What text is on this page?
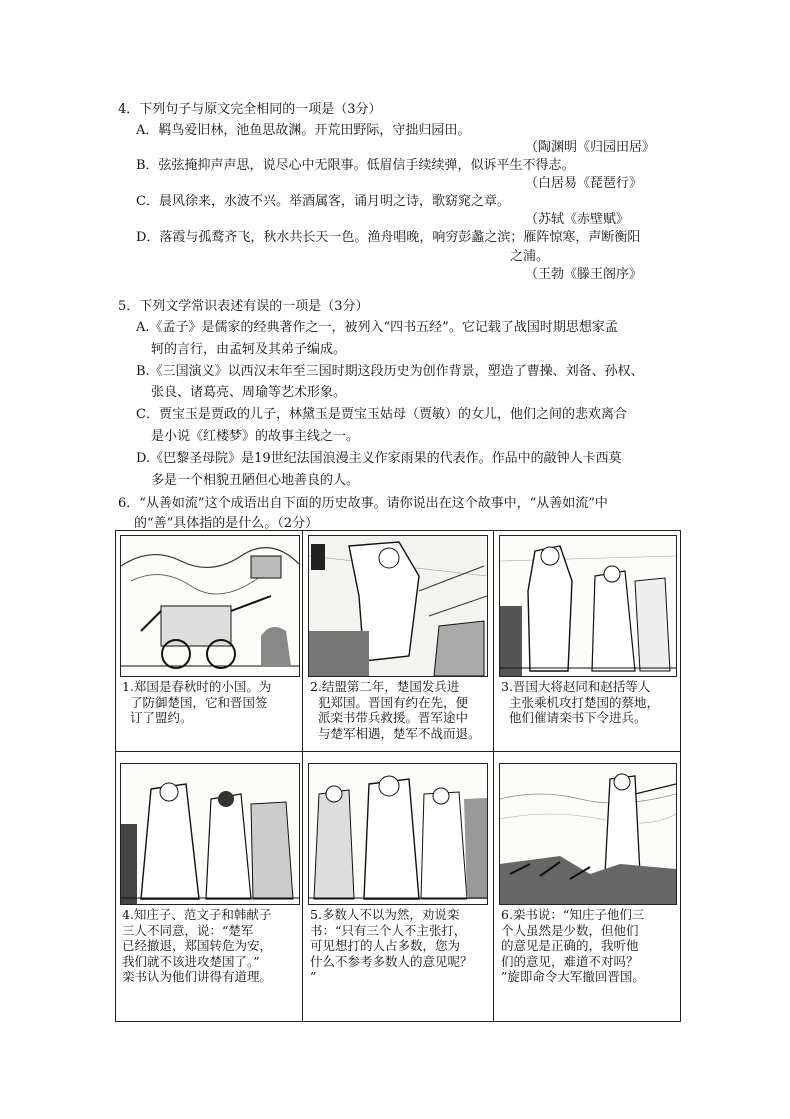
4．下列句子与原文完全相同的一项是（3分）
A．羁鸟爱旧林，池鱼思故渊。开荒田野际，守拙归园田。
（陶渊明《归园田居》
B．弦弦掩抑声声思，说尽心中无限事。低眉信手续续弹，似诉平生不得志。
（白居易《琵琶行》
C．晨风徐来，水波不兴。举酒属客，诵月明之诗，歌窈窕之章。
（苏轼《赤壁赋》
D．落霞与孤鹜齐飞，秋水共长天一色。渔舟唱晚，响穷彭蠡之滨；雁阵惊寒，声断衡阳
之浦。
（王勃《滕王阁序》
5．下列文学常识表述有误的一项是（3分）
A.《孟子》是儒家的经典著作之一，被列入“四书五经”。它记载了战国时期思想家孟
轲的言行，由孟轲及其弟子编成。
B.《三国演义》以西汉末年至三国时期这段历史为创作背景，塑造了曹操、刘备、孙权、
张良、诸葛亮、周瑜等艺术形象。
C．贾宝玉是贾政的儿子，林黛玉是贾宝玉姑母（贾敏）的女儿，他们之间的悲欢离合
是小说《红楼梦》的故事主线之一。
D.《巴黎圣母院》是19世纪法国浪漫主义作家雨果的代表作。作品中的敲钟人卡西莫
多是一个相貌丑陋但心地善良的人。
6．“从善如流”这个成语出自下面的历史故事。请你说出在这个故事中，“从善如流”中
的“善”具体指的是什么。（2分）
1.郑国是春秋时的小国。为
了防御楚国，它和晋国签
订了盟约。
2.结盟第二年，楚国发兵进
犯郑国。晋国有约在先，便
派栾书带兵救援。晋军途中
与楚军相遇，楚军不战而退。
3.晋国大将赵同和赵括等人
主张乘机攻打楚国的蔡地，
他们催请栾书下令进兵。
4.知庄子、范文子和韩献子
三人不同意，说：“楚军
已经撤退，郑国转危为安，
我们就不该进攻楚国了。”
栾书认为他们讲得有道理。
5.多数人不以为然，劝说栾
书：“只有三个人不主张打，
可见想打的人占多数，您为
什么不参考多数人的意见呢？
”
6.栾书说：“知庄子他们三
个人虽然是少数，但他们
的意见是正确的，我听他
们的意见，难道不对吗？
”旋即命令大军撤回晋国。
